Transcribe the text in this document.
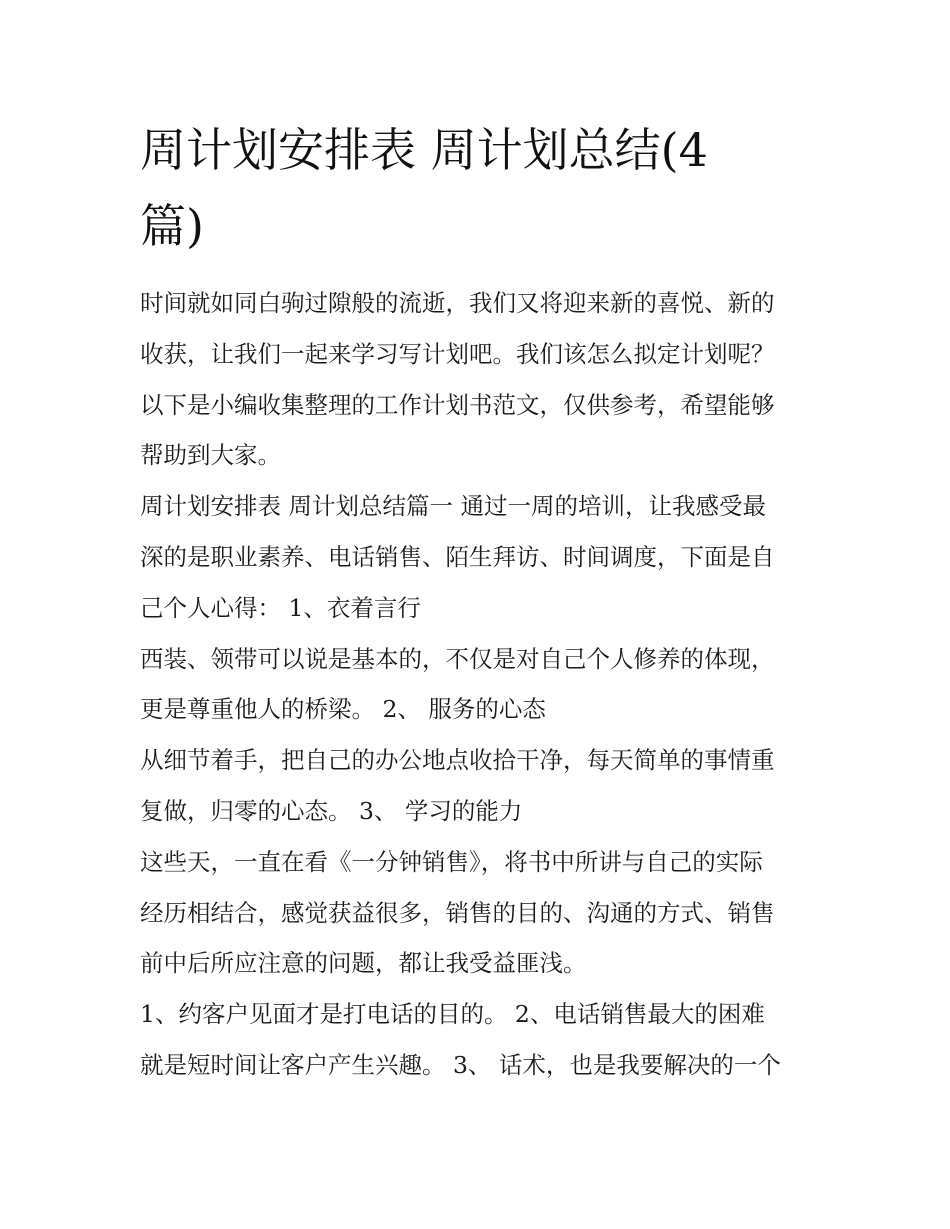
周计划安排表 周计划总结(4
篇)

时间就如同白驹过隙般的流逝，我们又将迎来新的喜悦、新的
收获，让我们一起来学习写计划吧。我们该怎么拟定计划呢？
以下是小编收集整理的工作计划书范文，仅供参考，希望能够
帮助到大家。

周计划安排表 周计划总结篇一 通过一周的培训，让我感受最
深的是职业素养、电话销售、陌生拜访、时间调度，下面是自
己个人心得： 1、衣着言行

西装、领带可以说是基本的，不仅是对自己个人修养的体现，
更是尊重他人的桥梁。 2、 服务的心态

从细节着手，把自己的办公地点收拾干净，每天简单的事情重
复做，归零的心态。 3、 学习的能力

这些天，一直在看《一分钟销售》，将书中所讲与自己的实际
经历相结合，感觉获益很多，销售的目的、沟通的方式、销售
前中后所应注意的问题，都让我受益匪浅。

1、约客户见面才是打电话的目的。 2、电话销售最大的困难
就是短时间让客户产生兴趣。 3、 话术，也是我要解决的一个
